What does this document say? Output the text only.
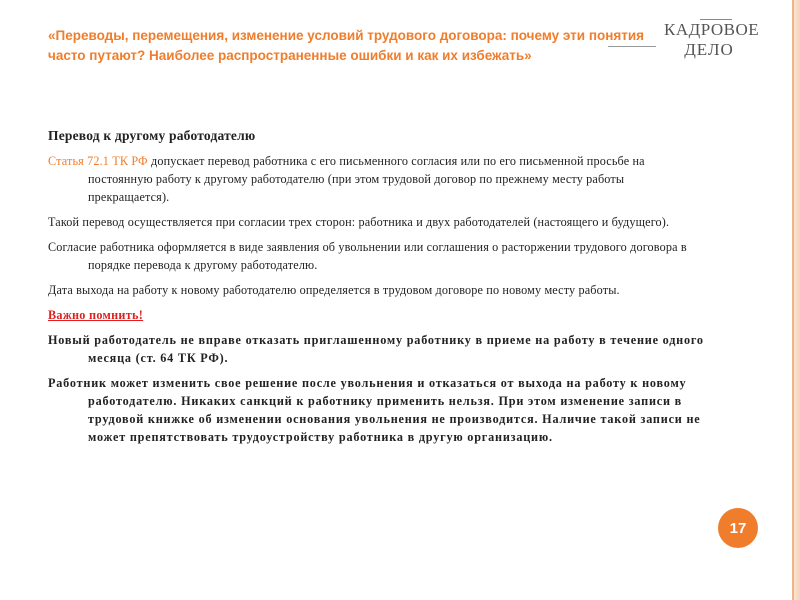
«Переводы, перемещения, изменение условий трудового договора: почему эти понятия часто путают? Наиболее распространенные ошибки и как их избежать»
КАДРОВОЕ
ДЕЛО
Перевод к другому работодателю

Статья 72.1 ТК РФ допускает перевод работника с его письменного согласия или по его письменной просьбе на постоянную работу к другому работодателю (при этом трудовой договор по прежнему месту работы прекращается).

Такой перевод осуществляется при согласии трех сторон: работника и двух работодателей (настоящего и будущего).

Согласие работника оформляется в виде заявления об увольнении или соглашения о расторжении трудового договора в порядке перевода к другому работодателю.

Дата выхода на работу к новому работодателю определяется в трудовом договоре по новому месту работы.

Важно помнить!

Новый работодатель не вправе отказать приглашенному работнику в приеме на работу в течение одного месяца (ст. 64 ТК РФ).

Работник может изменить свое решение после увольнения и отказаться от выхода на работу к новому работодателю. Никаких санкций к работнику применить нельзя. При этом изменение записи в трудовой книжке об изменении основания увольнения не производится. Наличие такой записи не может препятствовать трудоустройству работника в другую организацию.

17
